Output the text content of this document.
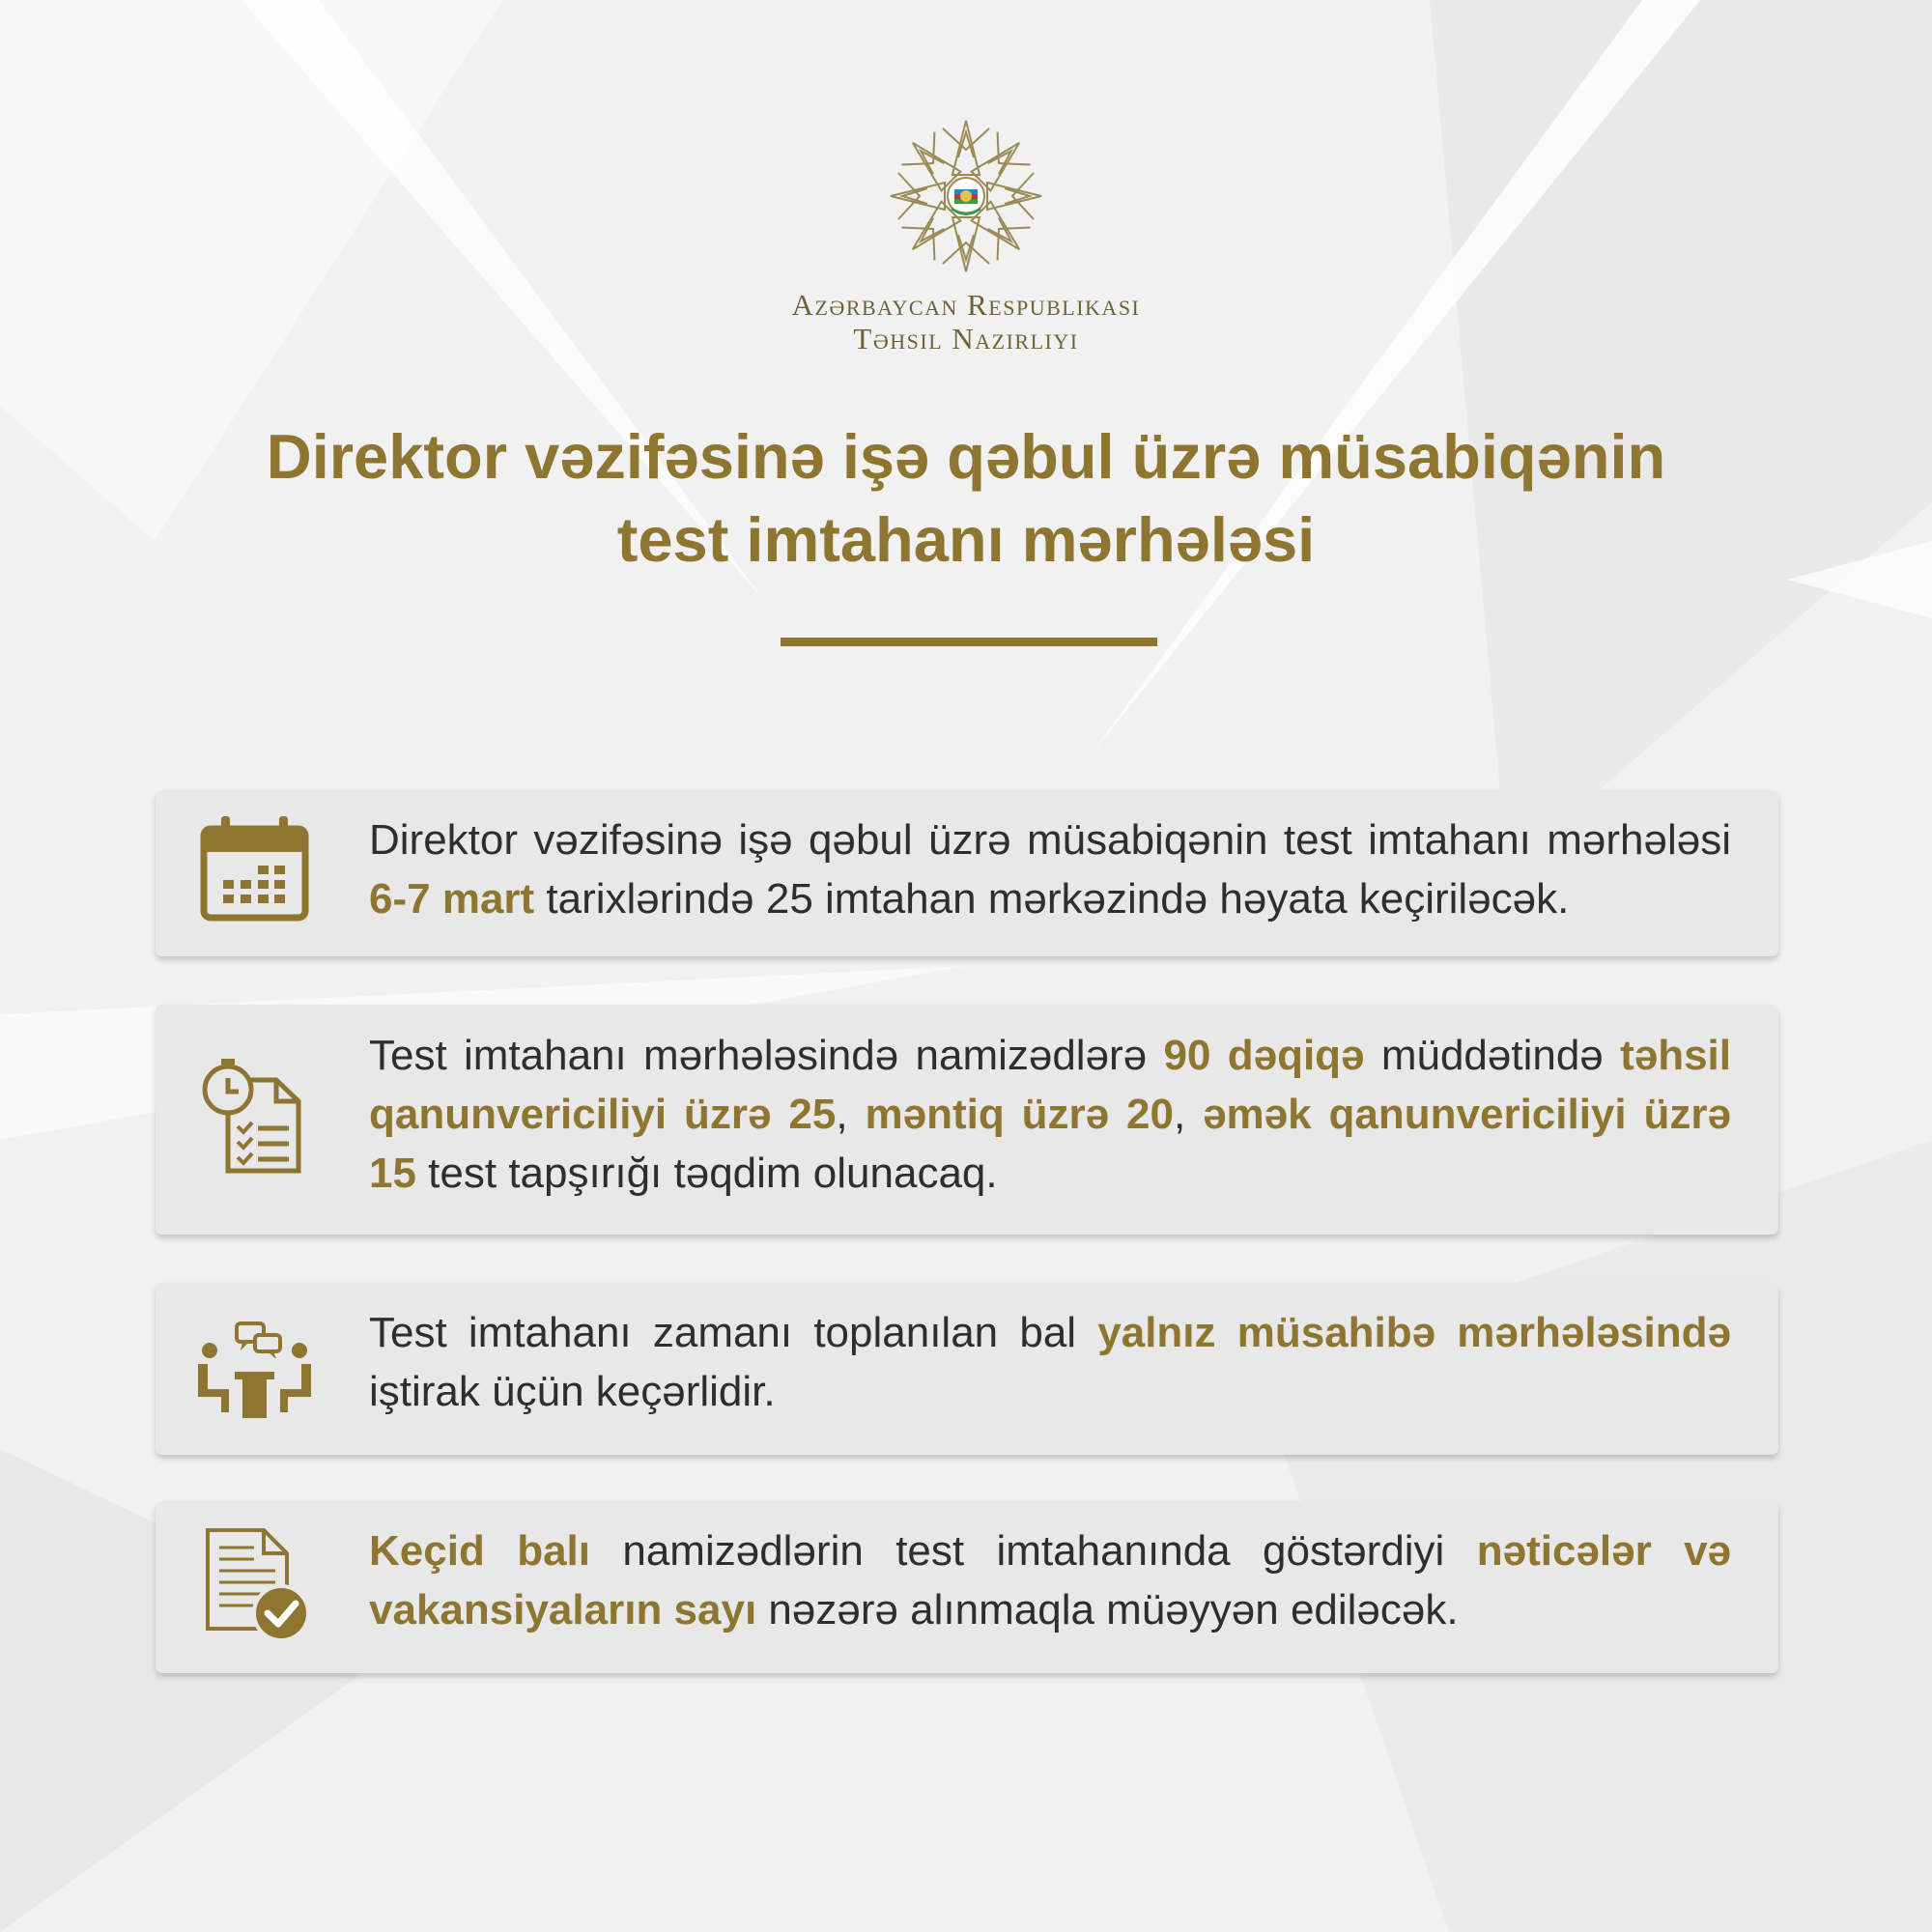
Azərbaycan Respublikası
Təhsil Nazirliyi
Direktor vəzifəsinə işə qəbul üzrə müsabiqənin
test imtahanı mərhələsi
Direktor vəzifəsinə işə qəbul üzrə müsabiqənin test imtahanı mərhələsi 6-7 mart tarixlərində 25 imtahan mərkəzində həyata keçiriləcək.
Test imtahanı mərhələsində namizədlərə 90 dəqiqə müddətində təhsil qanunvericiliyi üzrə 25, məntiq üzrə 20, əmək qanunvericiliyi üzrə 15 test tapşırığı təqdim olunacaq.
Test imtahanı zamanı toplanılan bal yalnız müsahibə mərhələsində iştirak üçün keçərlidir.
Keçid balı namizədlərin test imtahanında göstərdiyi nəticələr və vakansiyaların sayı nəzərə alınmaqla müəyyən ediləcək.
